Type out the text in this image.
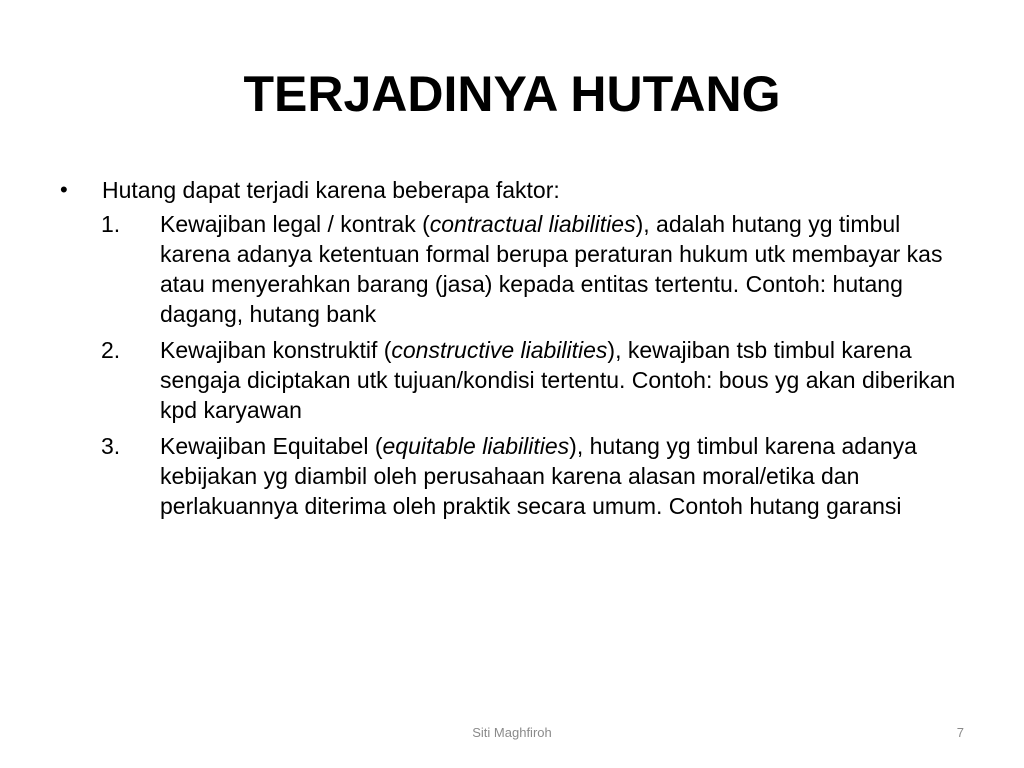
TERJADINYA HUTANG
•	Hutang dapat terjadi karena beberapa faktor:
1.	Kewajiban legal / kontrak (contractual liabilities), adalah hutang yg timbul karena adanya ketentuan formal berupa peraturan hukum utk membayar kas atau menyerahkan barang (jasa) kepada entitas tertentu. Contoh: hutang dagang, hutang bank
2.	Kewajiban konstruktif (constructive liabilities), kewajiban tsb timbul karena sengaja diciptakan utk tujuan/kondisi tertentu. Contoh: bous yg akan diberikan kpd karyawan
3.	Kewajiban Equitabel (equitable liabilities), hutang yg timbul karena adanya kebijakan yg diambil oleh perusahaan karena alasan moral/etika dan perlakuannya diterima oleh praktik secara umum. Contoh hutang garansi
Siti Maghfiroh	7
